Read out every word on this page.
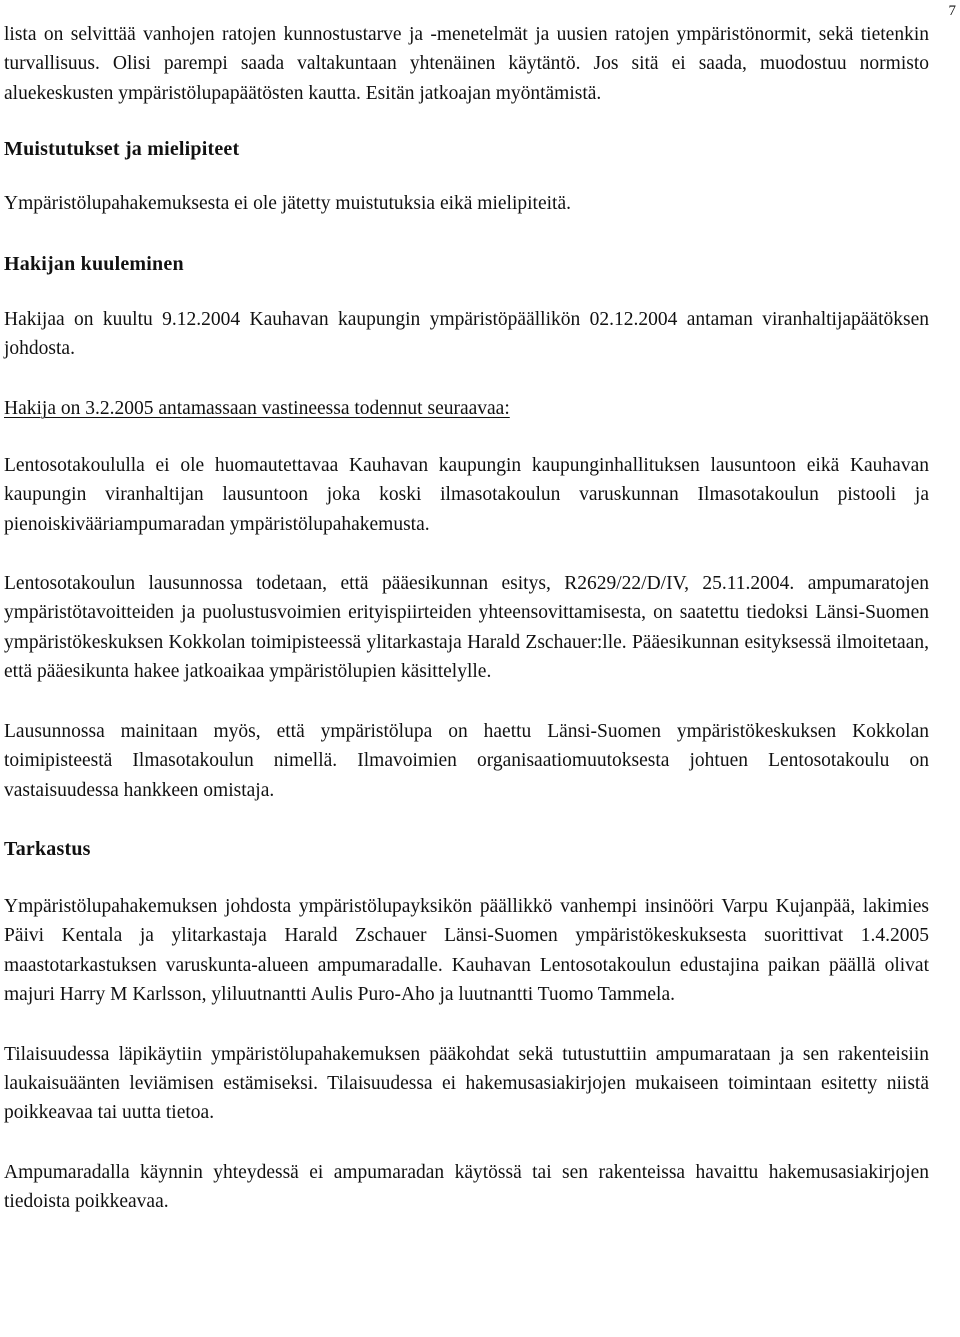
7

lista on selvittää vanhojen ratojen kunnostustarve ja -menetelmät ja uusien ratojen ympäristönormit, sekä tietenkin turvallisuus. Olisi parempi saada valtakuntaan yhtenäinen käytäntö. Jos sitä ei saada, muodostuu normisto aluekeskusten ympäristölupapäätösten kautta. Esitän jatkoajan myöntämistä.

Muistutukset ja mielipiteet

Ympäristölupahakemuksesta ei ole jätetty muistutuksia eikä mielipiteitä.

Hakijan kuuleminen

Hakijaa on kuultu 9.12.2004 Kauhavan kaupungin ympäristöpäällikön 02.12.2004 antaman viranhaltijapäätöksen johdosta.

Hakija on 3.2.2005 antamassaan vastineessa todennut seuraavaa:

Lentosotakoululla ei ole huomautettavaa Kauhavan kaupungin kaupunginhallituksen lausuntoon eikä Kauhavan kaupungin viranhaltijan lausuntoon joka koski ilmasotakoulun varuskunnan Ilmasotakoulun pistooli ja pienoiskivääriampumaradan ympäristölupahakemusta.

Lentosotakoulun lausunnossa todetaan, että pääesikunnan esitys, R2629/22/D/IV, 25.11.2004. ampumaratojen ympäristötavoitteiden ja puolustusvoimien erityispiirteiden yhteensovittamisesta, on saatettu tiedoksi Länsi-Suomen ympäristökeskuksen Kokkolan toimipisteessä ylitarkastaja Harald Zschauer:lle. Pääesikunnan esityksessä ilmoitetaan, että pääesikunta hakee jatkoaikaa ympäristölupien käsittelylle.

Lausunnossa mainitaan myös, että ympäristölupa on haettu Länsi-Suomen ympäristökeskuksen Kokkolan toimipisteestä Ilmasotakoulun nimellä. Ilmavoimien organisaatiomuutoksesta johtuen Lentosotakoulu on vastaisuudessa hankkeen omistaja.

Tarkastus

Ympäristölupahakemuksen johdosta ympäristölupayksikön päällikkö vanhempi insinööri Varpu Kujanpää, lakimies Päivi Kentala ja ylitarkastaja Harald Zschauer Länsi-Suomen ympäristökeskuksesta suorittivat 1.4.2005 maastotarkastuksen varuskunta-alueen ampumaradalle. Kauhavan Lentosotakoulun edustajina paikan päällä olivat majuri Harry M Karlsson, yliluutnantti Aulis Puro-Aho ja luutnantti Tuomo Tammela.

Tilaisuudessa läpikäytiin ympäristölupahakemuksen pääkohdat sekä tutustuttiin ampumarataan ja sen rakenteisiin laukaisuäänten leviämisen estämiseksi. Tilaisuudessa ei hakemusasiakirjojen mukaiseen toimintaan esitetty niistä poikkeavaa tai uutta tietoa.

Ampumaradalla käynnin yhteydessä ei ampumaradan käytössä tai sen rakenteissa havaittu hakemusasiakirjojen tiedoista poikkeavaa.
